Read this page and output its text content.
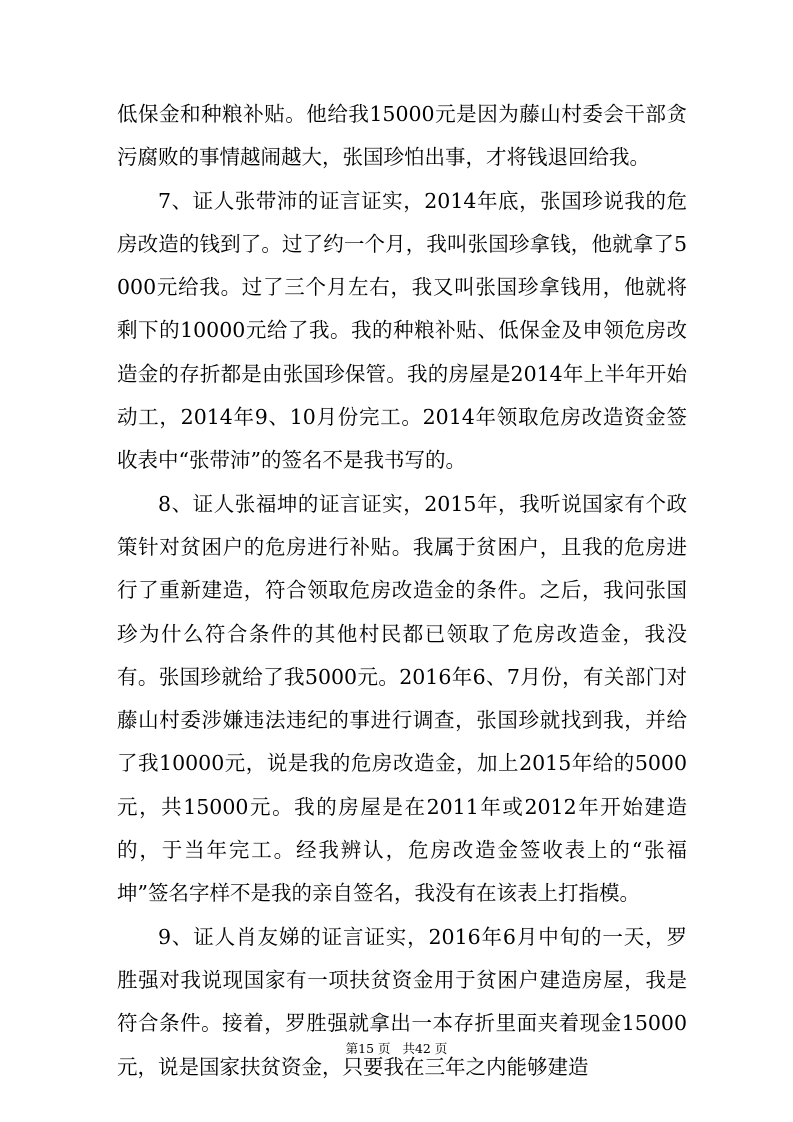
低保金和种粮补贴。他给我15000元是因为藤山村委会干部贪污腐败的事情越闹越大，张国珍怕出事，才将钱退回给我。

7、证人张带沛的证言证实，2014年底，张国珍说我的危房改造的钱到了。过了约一个月，我叫张国珍拿钱，他就拿了5000元给我。过了三个月左右，我又叫张国珍拿钱用，他就将剩下的10000元给了我。我的种粮补贴、低保金及申领危房改造金的存折都是由张国珍保管。我的房屋是2014年上半年开始动工，2014年9、10月份完工。2014年领取危房改造资金签收表中“张带沛”的签名不是我书写的。

8、证人张福坤的证言证实，2015年，我听说国家有个政策针对贫困户的危房进行补贴。我属于贫困户，且我的危房进行了重新建造，符合领取危房改造金的条件。之后，我问张国珍为什么符合条件的其他村民都已领取了危房改造金，我没有。张国珍就给了我5000元。2016年6、7月份，有关部门对藤山村委涉嫌违法违纪的事进行调查，张国珍就找到我，并给了我10000元，说是我的危房改造金，加上2015年给的5000元，共15000元。我的房屋是在2011年或2012年开始建造的，于当年完工。经我辨认，危房改造金签收表上的“张福坤”签名字样不是我的亲自签名，我没有在该表上打指模。

9、证人肖友娣的证言证实，2016年6月中旬的一天，罗胜强对我说现国家有一项扶贫资金用于贫困户建造房屋，我是符合条件。接着，罗胜强就拿出一本存折里面夹着现金15000元，说是国家扶贫资金，只要我在三年之内能够建造

第15 页   共42 页
